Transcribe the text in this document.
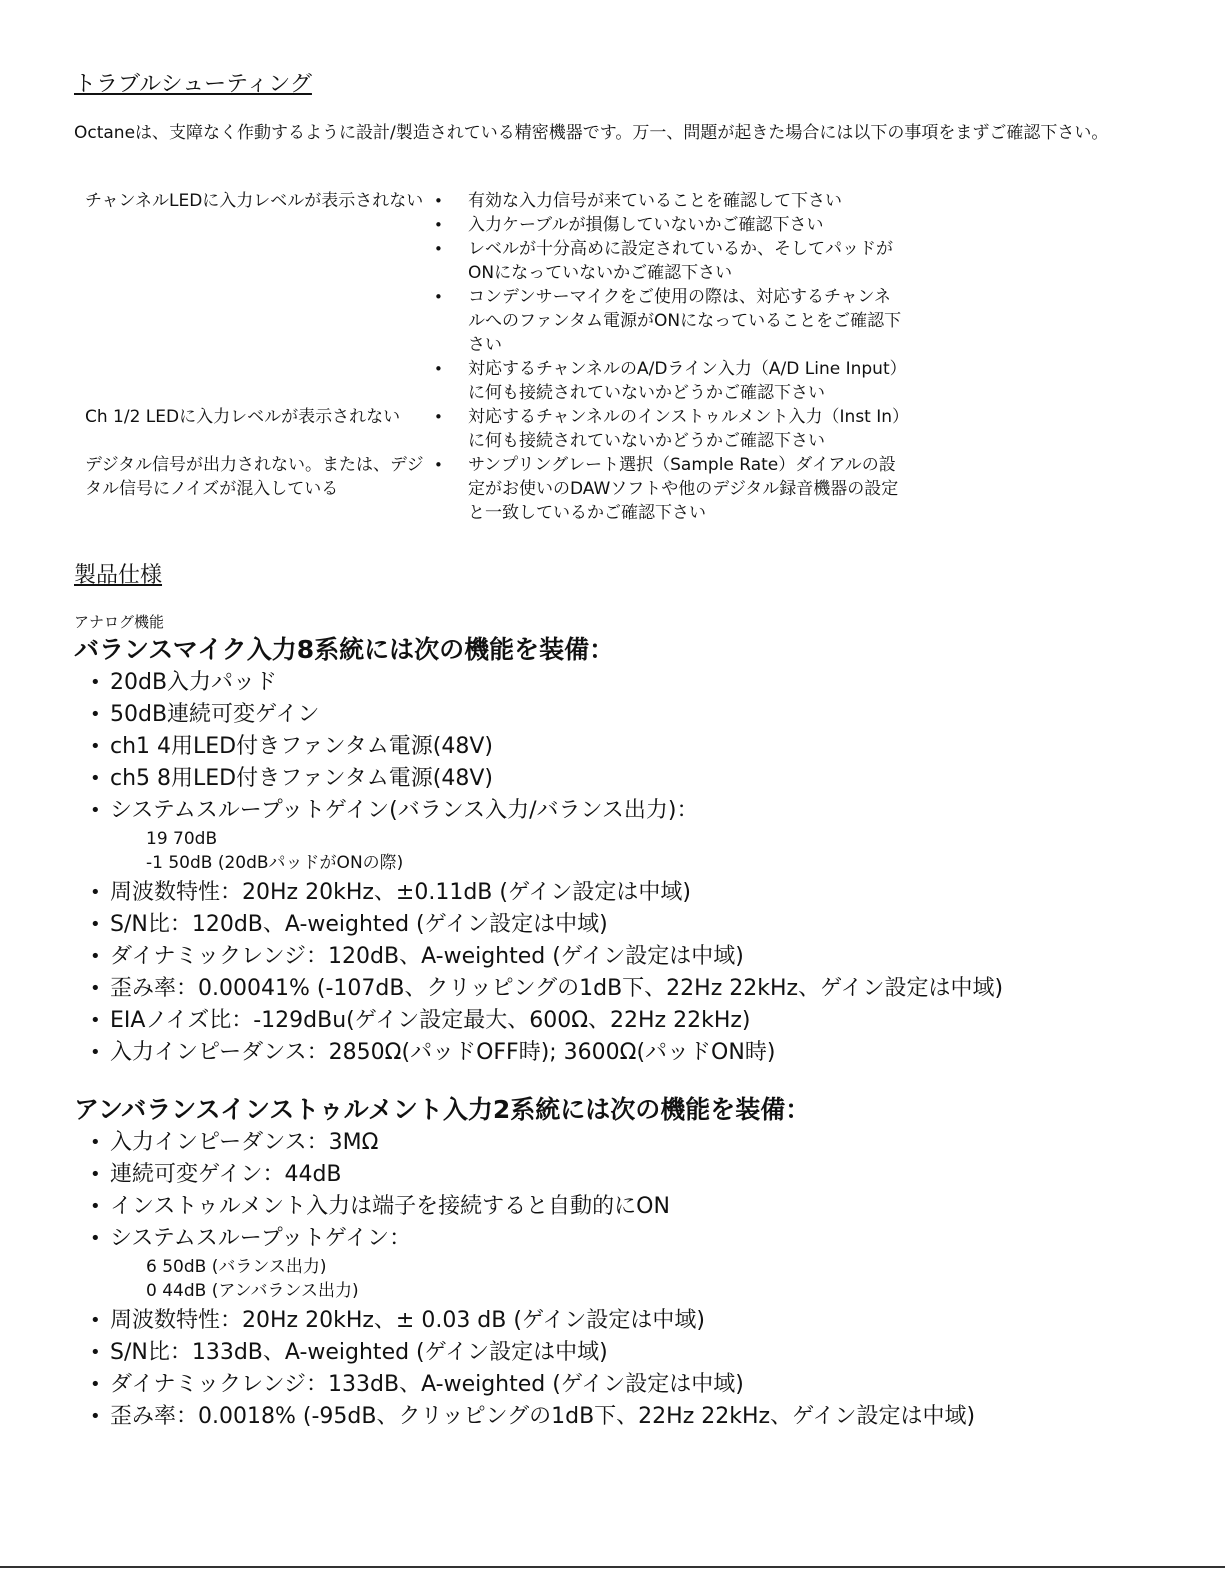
トラブルシューティング

Octaneは、支障なく作動するように設計/製造されている精密機器です。万一、問題が起きた場合には以下の事項をまずご確認下さい。

チャンネルLEDに入力レベルが表示されない	• 有効な入力信号が来ていることを確認して下さい
• 入力ケーブルが損傷していないかご確認下さい
• レベルが十分高めに設定されているか、そしてパッドがONになっていないかご確認下さい
• コンデンサーマイクをご使用の際は、対応するチャンネルへのファンタム電源がONになっていることをご確認下さい
• 対応するチャンネルのA/Dライン入力（A/D Line Input）に何も接続されていないかどうかご確認下さい
Ch 1/2 LEDに入力レベルが表示されない	• 対応するチャンネルのインストゥルメント入力（Inst In）に何も接続されていないかどうかご確認下さい
デジタル信号が出力されない。または、デジタル信号にノイズが混入している
• サンプリングレート選択（Sample Rate）ダイアルの設定がお使いのDAWソフトや他のデジタル録音機器の設定と一致しているかご確認下さい
製品仕様
アナログ機能
バランスマイク入力8系統には次の機能を装備：
• 20dB入力パッド
• 50dB連続可変ゲイン
• ch1 4用LED付きファンタム電源(48V)
• ch5 8用LED付きファンタム電源(48V)
• システムスループットゲイン(バランス入力/バランス出力)：
19 70dB
-1 50dB (20dBパッドがONの際)
• 周波数特性：20Hz 20kHz、±0.11dB (ゲイン設定は中域)
• S/N比：120dB、A-weighted (ゲイン設定は中域)
• ダイナミックレンジ：120dB、A-weighted (ゲイン設定は中域)
• 歪み率：0.00041% (-107dB、クリッピングの1dB下、22Hz 22kHz、ゲイン設定は中域)
• EIAノイズ比：-129dBu(ゲイン設定最大、600Ω、22Hz 22kHz)
• 入力インピーダンス：2850Ω(パッドOFF時); 3600Ω(パッドON時)
アンバランスインストゥルメント入力2系統には次の機能を装備：
• 入力インピーダンス：3MΩ
• 連続可変ゲイン：44dB
• インストゥルメント入力は端子を接続すると自動的にON
• システムスループットゲイン：
6 50dB (バランス出力)
0 44dB (アンバランス出力)
• 周波数特性：20Hz 20kHz、± 0.03 dB (ゲイン設定は中域)
• S/N比：133dB、A-weighted (ゲイン設定は中域)
• ダイナミックレンジ：133dB、A-weighted (ゲイン設定は中域)
• 歪み率：0.0018% (-95dB、クリッピングの1dB下、22Hz 22kHz、ゲイン設定は中域)
